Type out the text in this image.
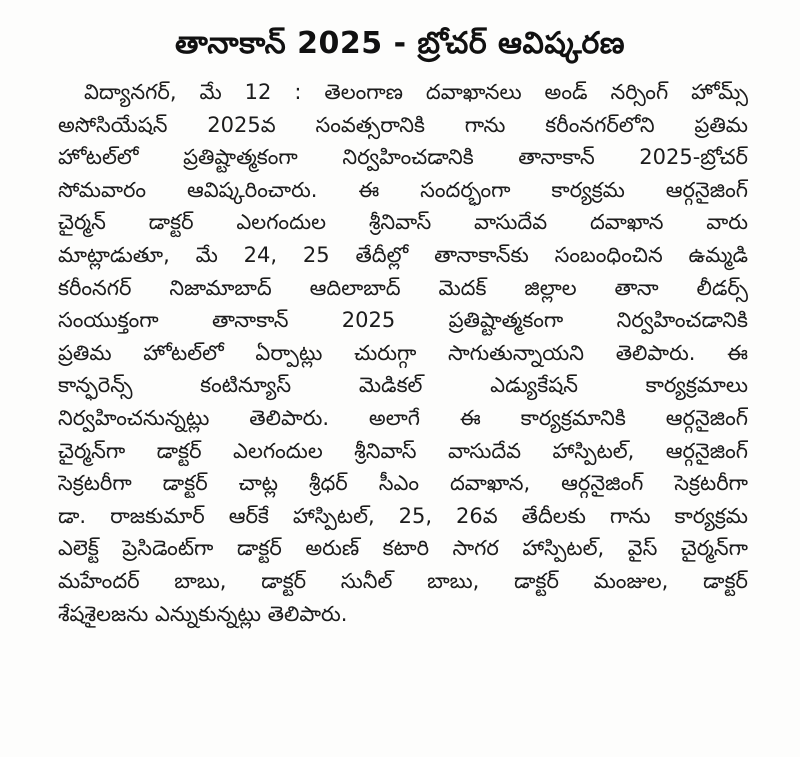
తానాకాన్ 2025 - బ్రోచర్ ఆవిష్కరణ
విద్యానగర్, మే 12 : తెలంగాణ దవాఖానలు అండ్ నర్సింగ్ హోమ్స్
అసోసియేషన్ 2025వ సంవత్సరానికి గాను కరీంనగర్‌లోని ప్రతిమ
హోటల్‌లో ప్రతిష్టాత్మకంగా నిర్వహించడానికి తానాకాన్ 2025-బ్రోచర్
సోమవారం ఆవిష్కరించారు. ఈ సందర్భంగా కార్యక్రమ ఆర్గనైజింగ్
చైర్మన్ డాక్టర్ ఎలగందుల శ్రీనివాస్ వాసుదేవ దవాఖాన వారు
మాట్లాడుతూ, మే 24, 25 తేదీల్లో తానాకాన్‌కు సంబంధించిన ఉమ్మడి
కరీంనగర్ నిజామాబాద్ ఆదిలాబాద్ మెదక్ జిల్లాల తానా లీడర్స్
సంయుక్తంగా తానాకాన్ 2025 ప్రతిష్టాత్మకంగా నిర్వహించడానికి
ప్రతిమ హోటల్‌లో ఏర్పాట్లు చురుగ్గా సాగుతున్నాయని తెలిపారు. ఈ
కాన్ఫరెన్స్ కంటిన్యూస్ మెడికల్ ఎడ్యుకేషన్ కార్యక్రమాలు
నిర్వహించనున్నట్లు తెలిపారు. అలాగే ఈ కార్యక్రమానికి ఆర్గనైజింగ్
చైర్మన్‌గా డాక్టర్ ఎలగందుల శ్రీనివాస్ వాసుదేవ హాస్పిటల్, ఆర్గనైజింగ్
సెక్రటరీగా డాక్టర్ చాట్ల శ్రీధర్ సీఎం దవాఖాన, ఆర్గనైజింగ్ సెక్రటరీగా
డా. రాజకుమార్ ఆర్‌కే హాస్పిటల్, 25, 26వ తేదీలకు గాను కార్యక్రమ
ఎలెక్ట్ ప్రెసిడెంట్‌గా డాక్టర్ అరుణ్ కటారి సాగర హాస్పిటల్, వైస్ చైర్మన్‌గా
మహేందర్ బాబు, డాక్టర్ సునీల్ బాబు, డాక్టర్ మంజుల, డాక్టర్
శేషశైలజను ఎన్నుకున్నట్లు తెలిపారు.
